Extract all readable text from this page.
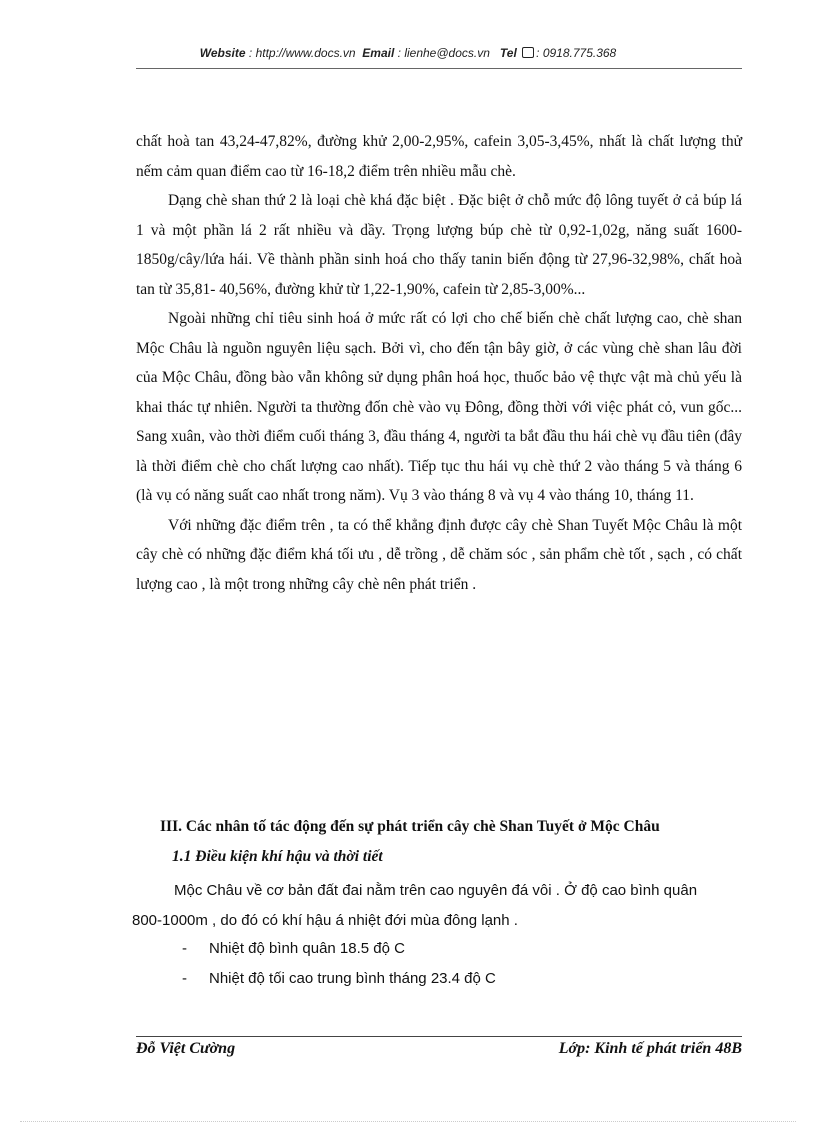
Website : http://www.docs.vn Email : lienhe@docs.vn Tel : 0918.775.368

chất hoà tan 43,24-47,82%, đường khử 2,00-2,95%, cafein 3,05-3,45%, nhất là chất lượng thử nếm cảm quan điểm cao từ 16-18,2 điểm trên nhiều mẫu chè.

Dạng chè shan thứ 2 là loại chè khá đặc biệt . Đặc biệt ở chỗ mức độ lông tuyết ở cả búp lá 1 và một phần lá 2 rất nhiều và dầy. Trọng lượng búp chè từ 0,92-1,02g, năng suất 1600-1850g/cây/lứa hái. Về thành phần sinh hoá cho thấy tanin biến động từ 27,96-32,98%, chất hoà tan từ 35,81- 40,56%, đường khử từ 1,22-1,90%, cafein từ 2,85-3,00%...

Ngoài những chỉ tiêu sinh hoá ở mức rất có lợi cho chế biến chè chất lượng cao, chè shan Mộc Châu là nguồn nguyên liệu sạch. Bởi vì, cho đến tận bây giờ, ở các vùng chè shan lâu đời của Mộc Châu, đồng bào vẫn không sử dụng phân hoá học, thuốc bảo vệ thực vật mà chủ yếu là khai thác tự nhiên. Người ta thường đốn chè vào vụ Đông, đồng thời với việc phát cỏ, vun gốc... Sang xuân, vào thời điểm cuối tháng 3, đầu tháng 4, người ta bắt đầu thu hái chè vụ đầu tiên (đây là thời điểm chè cho chất lượng cao nhất). Tiếp tục thu hái vụ chè thứ 2 vào tháng 5 và tháng 6 (là vụ có năng suất cao nhất trong năm). Vụ 3 vào tháng 8 và vụ 4 vào tháng 10, tháng 11.

Với những đặc điểm trên , ta có thể khẳng định được cây chè Shan Tuyết Mộc Châu là một cây chè có những đặc điểm khá tối ưu , dễ trồng , dễ chăm sóc , sản phẩm chè tốt , sạch , có chất lượng cao , là một trong những cây chè nên phát triển .

III. Các nhân tố tác động đến sự phát triển cây chè Shan Tuyết ở Mộc Châu
1.1 Điều kiện khí hậu và thời tiết
Mộc Châu về cơ bản đất đai nằm trên cao nguyên đá vôi . Ở độ cao bình quân
800-1000m , do đó có khí hậu á nhiệt đới mùa đông lạnh .
- Nhiệt độ bình quân 18.5 độ C
- Nhiệt độ tối cao trung bình tháng 23.4 độ C
Đỗ Việt Cường	Lớp: Kinh tế phát triển 48B
